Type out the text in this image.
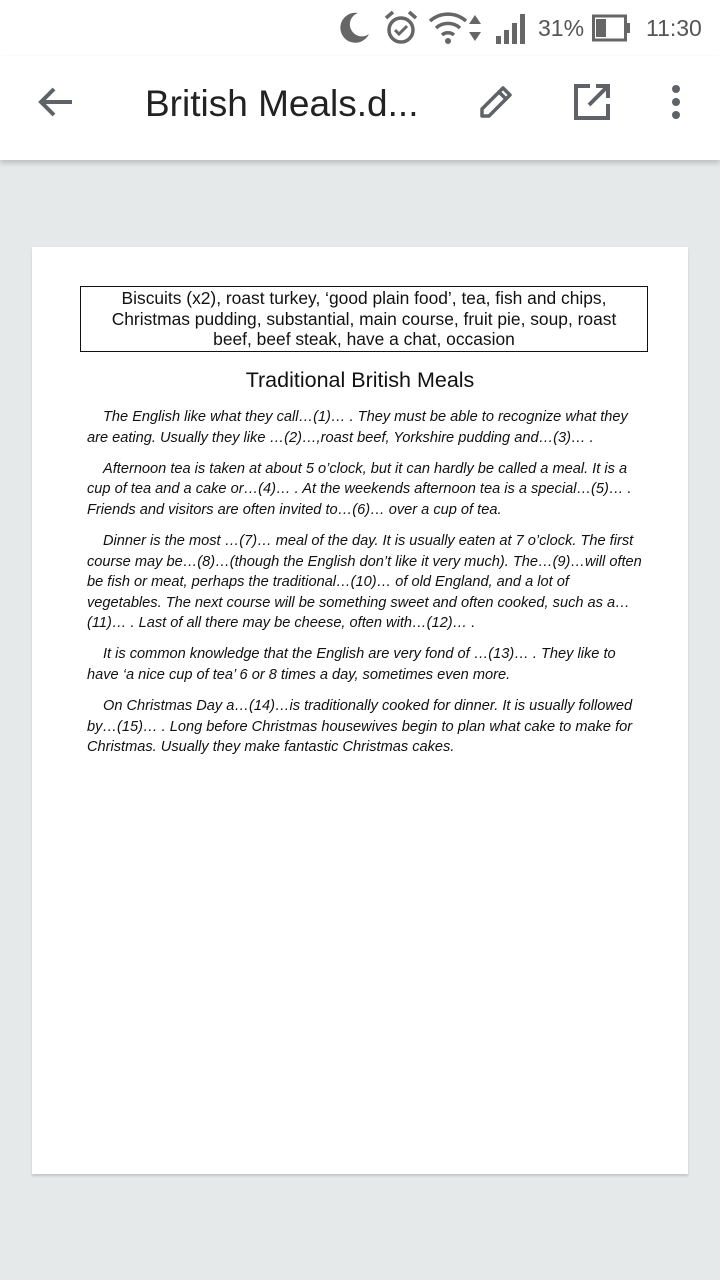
31%	11:30
British Meals.d...
Biscuits (x2), roast turkey, ‘good plain food’, tea, fish and chips, Christmas pudding, substantial, main course, fruit pie, soup, roast beef, beef steak, have a chat, occasion
Traditional British Meals

The English like what they call…(1)… . They must be able to recognize what they are eating. Usually they like …(2)…,roast beef, Yorkshire pudding and…(3)… .

Afternoon tea is taken at about 5 o’clock, but it can hardly be called a meal. It is a cup of tea and a cake or…(4)… . At the weekends afternoon tea is a special…(5)… . Friends and visitors are often invited to…(6)… over a cup of tea.

Dinner is the most …(7)… meal of the day. It is usually eaten at 7 o’clock. The first course may be…(8)…(though the English don’t like it very much). The…(9)…will often be fish or meat, perhaps the traditional…(10)… of old England, and a lot of vegetables. The next course will be something sweet and often cooked, such as a…(11)… . Last of all there may be cheese, often with…(12)… .

It is common knowledge that the English are very fond of …(13)… . They like to have ‘a nice cup of tea’ 6 or 8 times a day, sometimes even more.

On Christmas Day a…(14)…is traditionally cooked for dinner. It is usually followed by…(15)… . Long before Christmas housewives begin to plan what cake to make for Christmas. Usually they make fantastic Christmas cakes.
